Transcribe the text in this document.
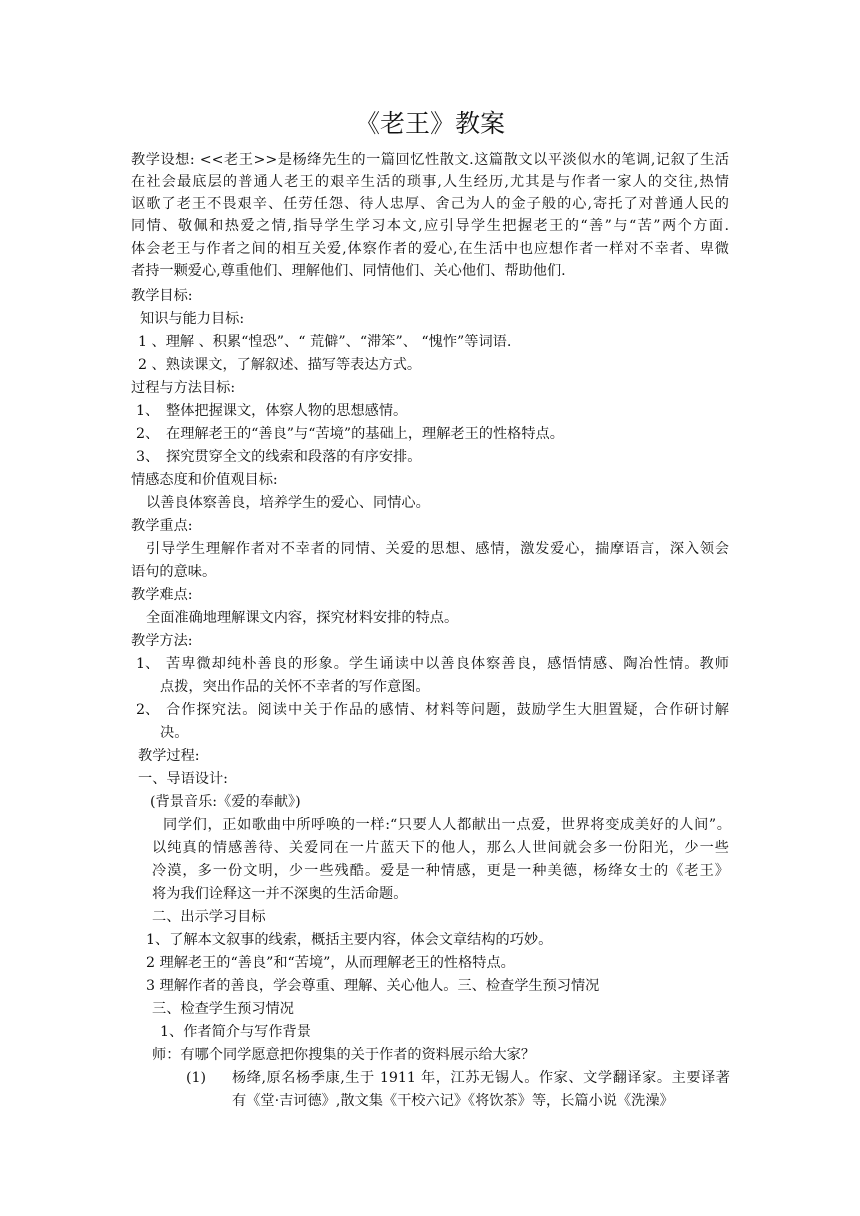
《老王》教案
教学设想: <<老王>>是杨绛先生的一篇回忆性散文.这篇散文以平淡似水的笔调,记叙了生活
在社会最底层的普通人老王的艰辛生活的琐事,人生经历,尤其是与作者一家人的交往,热情
讴歌了老王不畏艰辛、任劳任怨、待人忠厚、舍己为人的金子般的心,寄托了对普通人民的
同情、敬佩和热爱之情,指导学生学习本文,应引导学生把握老王的“善”与“苦”两个方面.
体会老王与作者之间的相互关爱,体察作者的爱心,在生活中也应想作者一样对不幸者、卑微
者持一颗爱心,尊重他们、理解他们、同情他们、关心他们、帮助他们.
教学目标:
知识与能力目标:
1 、理解 、积累“惶恐”、“ 荒僻”、“滞笨”、 “愧怍”等词语.
2 、熟读课文，了解叙述、描写等表达方式。
过程与方法目标:
1、 整体把握课文，体察人物的思想感情。
2、 在理解老王的“善良”与“苦境”的基础上，理解老王的性格特点。
3、 探究贯穿全文的线索和段落的有序安排。
情感态度和价值观目标:
以善良体察善良，培养学生的爱心、同情心。
教学重点:
引导学生理解作者对不幸者的同情、关爱的思想、感情，激发爱心，揣摩语言，深入领会
语句的意味。
教学难点:
全面准确地理解课文内容，探究材料安排的特点。
教学方法:
1、 苦卑微却纯朴善良的形象。学生诵读中以善良体察善良，感悟情感、陶冶性情。教师
点拨，突出作品的关怀不幸者的写作意图。
2、 合作探究法。阅读中关于作品的感情、材料等问题，鼓励学生大胆置疑，合作研讨解
决。
教学过程:
一、导语设计:
(背景音乐:《爱的奉献》)
同学们，正如歌曲中所呼唤的一样:“只要人人都献出一点爱，世界将变成美好的人间”。
以纯真的情感善待、关爱同在一片蓝天下的他人，那么人世间就会多一份阳光，少一些
冷漠，多一份文明，少一些残酷。爱是一种情感，更是一种美德，杨绛女士的《老王》
将为我们诠释这一并不深奥的生活命题。
二、出示学习目标
1、了解本文叙事的线索，概括主要内容，体会文章结构的巧妙。
2 理解老王的“善良”和“苦境”，从而理解老王的性格特点。
3 理解作者的善良，学会尊重、理解、关心他人。三、检查学生预习情况
三、检查学生预习情况
1、作者简介与写作背景
师：有哪个同学愿意把你搜集的关于作者的资料展示给大家？
(1) 杨绛,原名杨季康,生于 1911 年，江苏无锡人。作家、文学翻译家。主要译著
有《堂·吉诃德》,散文集《干校六记》《将饮茶》等，长篇小说《洗澡》
